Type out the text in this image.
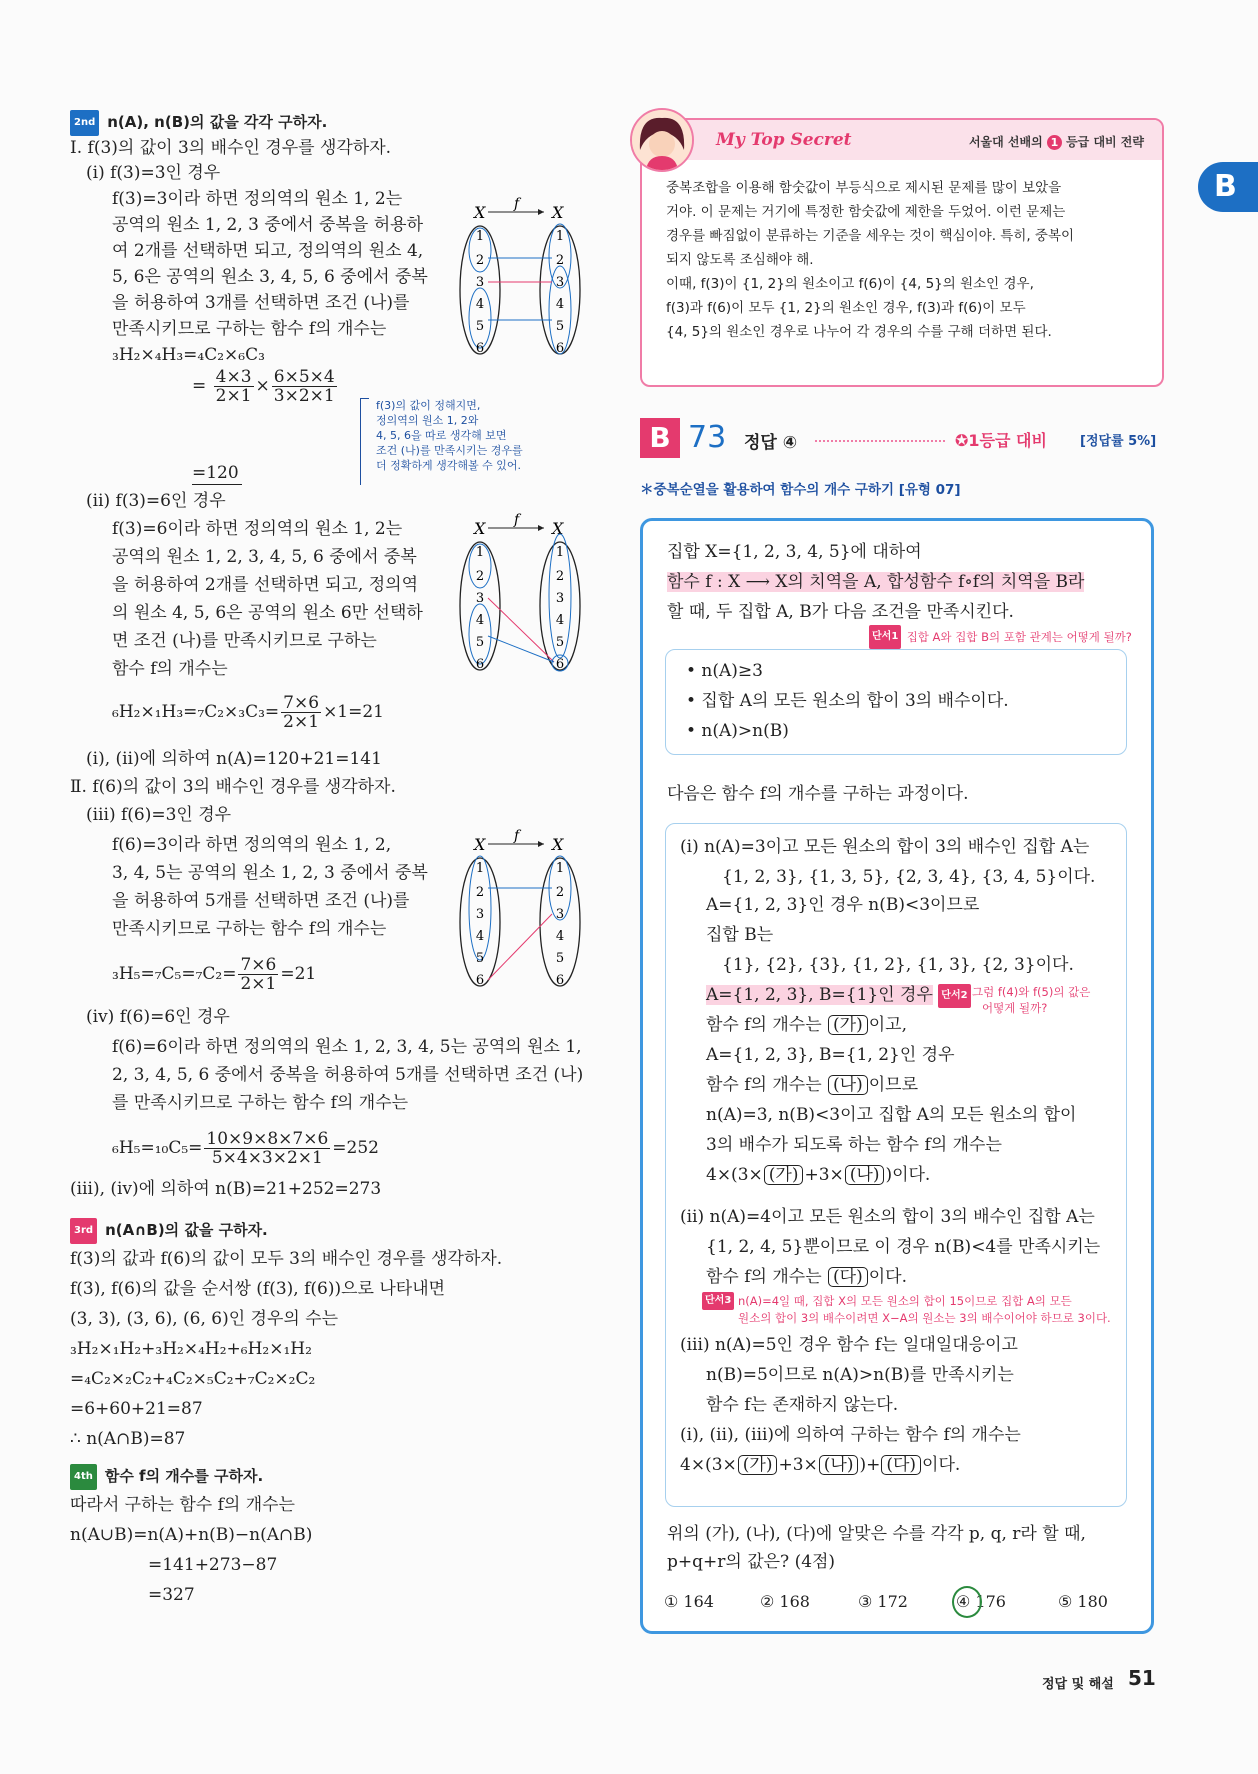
2nd n(A), n(B)의 값을 각각 구하자.
Ⅰ. f(3)의 값이 3의 배수인 경우를 생각하자.
(ⅰ) f(3)=3인 경우
f(3)=3이라 하면 정의역의 원소 1, 2는
공역의 원소 1, 2, 3 중에서 중복을 허용하
여 2개를 선택하면 되고, 정의역의 원소 4,
5, 6은 공역의 원소 3, 4, 5, 6 중에서 중복
을 허용하여 3개를 선택하면 조건 (나)를
만족시키므로 구하는 함수 f의 개수는
₃H₂×₄H₃=₄C₂×₆C₃
= $\frac{4\times 3}{2\times 1} \times \frac{6\times 5\times 4}{3\times 2\times 1}$
=120
f(3)의 값이 정해지면,
정의역의 원소 1, 2와
4, 5, 6을 따로 생각해 보면
조건 (나)를 만족시키는 경우를
더 정확하게 생각해볼 수 있어.
(ⅱ) f(3)=6인 경우
f(3)=6이라 하면 정의역의 원소 1, 2는
공역의 원소 1, 2, 3, 4, 5, 6 중에서 중복
을 허용하여 2개를 선택하면 되고, 정의역
의 원소 4, 5, 6은 공역의 원소 6만 선택하
면 조건 (나)를 만족시키므로 구하는
함수 f의 개수는
$_6H_2\times_1H_3=_7C_2\times_3C_3= \frac{7\times 6}{2\times 1} \times 1=21$
(ⅰ), (ⅱ)에 의하여 n(A)=120+21=141
Ⅱ. f(6)의 값이 3의 배수인 경우를 생각하자.
(ⅲ) f(6)=3인 경우
f(6)=3이라 하면 정의역의 원소 1, 2,
3, 4, 5는 공역의 원소 1, 2, 3 중에서 중복
을 허용하여 5개를 선택하면 조건 (나)를
만족시키므로 구하는 함수 f의 개수는
$_3H_5=_7C_5=_7C_2= \frac{7\times 6}{2\times 1} =21$
(ⅳ) f(6)=6인 경우
f(6)=6이라 하면 정의역의 원소 1, 2, 3, 4, 5는 공역의 원소 1,
2, 3, 4, 5, 6 중에서 중복을 허용하여 5개를 선택하면 조건 (나)
를 만족시키므로 구하는 함수 f의 개수는
$_6H_5=_{10}C_5= \frac{10\times 9\times 8\times 7\times 6}{5\times 4\times 3\times 2\times 1} =252$
(ⅲ), (ⅳ)에 의하여 n(B)=21+252=273
3rd n(A∩B)의 값을 구하자.
f(3)의 값과 f(6)의 값이 모두 3의 배수인 경우를 생각하자.
f(3), f(6)의 값을 순서쌍 (f(3), f(6))으로 나타내면
(3, 3), (3, 6), (6, 6)인 경우의 수는
₃H₂×₁H₂+₃H₂×₄H₂+₆H₂×₁H₂
=₄C₂×₂C₂+₄C₂×₅C₂+₇C₂×₂C₂
=6+60+21=87
∴ n(A∩B)=87
4th 함수 f의 개수를 구하자.
따라서 구하는 함수 f의 개수는
n(A∪B)=n(A)+n(B)−n(A∩B)
=141+273−87
=327
X	X
f
1
2
3
4
5
6
1
2
3
4
5
6
X	X
f
1
2
3
4
5
6
1
2
3
4
5
6
X	X
f
1
2
3
4
5
6
1
2
3
4
5
6
My Top Secret	서울대 선배의 1 등급 대비 전략
중복조합을 이용해 함숫값이 부등식으로 제시된 문제를 많이 보았을
거야. 이 문제는 거기에 특정한 함숫값에 제한을 두었어. 이런 문제는
경우를 빠짐없이 분류하는 기준을 세우는 것이 핵심이야. 특히, 중복이
되지 않도록 조심해야 해.
이때, f(3)이 {1, 2}의 원소이고 f(6)이 {4, 5}의 원소인 경우,
f(3)과 f(6)이 모두 {1, 2}의 원소인 경우, f(3)과 f(6)이 모두
{4, 5}의 원소인 경우로 나누어 각 경우의 수를 구해 더하면 된다.
B
B 73 정답 ④	✪1등급 대비	[정답률 5%]
＊중복순열을 활용하여 함수의 개수 구하기 [유형 07]
집합 X={1, 2, 3, 4, 5}에 대하여
함수 f : X ⟶ X의 치역을 A, 합성함수 f∘f의 치역을 B라
할 때, 두 집합 A, B가 다음 조건을 만족시킨다.
단서1 집합 A와 집합 B의 포함 관계는 어떻게 될까?
• n(A)≥3
• 집합 A의 모든 원소의 합이 3의 배수이다.
• n(A)>n(B)
다음은 함수 f의 개수를 구하는 과정이다.
(ⅰ) n(A)=3이고 모든 원소의 합이 3의 배수인 집합 A는
{1, 2, 3}, {1, 3, 5}, {2, 3, 4}, {3, 4, 5}이다.
A={1, 2, 3}인 경우 n(B)<3이므로
집합 B는
{1}, {2}, {3}, {1, 2}, {1, 3}, {2, 3}이다.
A={1, 2, 3}, B={1}인 경우 단서2 그럼 f(4)와 f(5)의 값은
어떻게 될까?
함수 f의 개수는 (가) 이고,
A={1, 2, 3}, B={1, 2}인 경우
함수 f의 개수는 (나) 이므로
n(A)=3, n(B)<3이고 집합 A의 모든 원소의 합이
3의 배수가 되도록 하는 함수 f의 개수는
4×(3× (가) +3× (나) )이다.
(ⅱ) n(A)=4이고 모든 원소의 합이 3의 배수인 집합 A는
{1, 2, 4, 5}뿐이므로 이 경우 n(B)<4를 만족시키는
함수 f의 개수는 (다) 이다.
단서3 n(A)=4일 때, 집합 X의 모든 원소의 합이 15이므로 집합 A의 모든
원소의 합이 3의 배수이려면 X−A의 원소는 3의 배수이어야 하므로 3이다.
(ⅲ) n(A)=5인 경우 함수 f는 일대일대응이고
n(B)=5이므로 n(A)>n(B)를 만족시키는
함수 f는 존재하지 않는다.
(ⅰ), (ⅱ), (ⅲ)에 의하여 구하는 함수 f의 개수는
4×(3× (가) +3× (나) )+ (다) 이다.
위의 (가), (나), (다)에 알맞은 수를 각각 p, q, r라 할 때,
p+q+r의 값은? (4점)
① 164	② 168	③ 172	④ 176	⑤ 180
정답 및 해설 51
